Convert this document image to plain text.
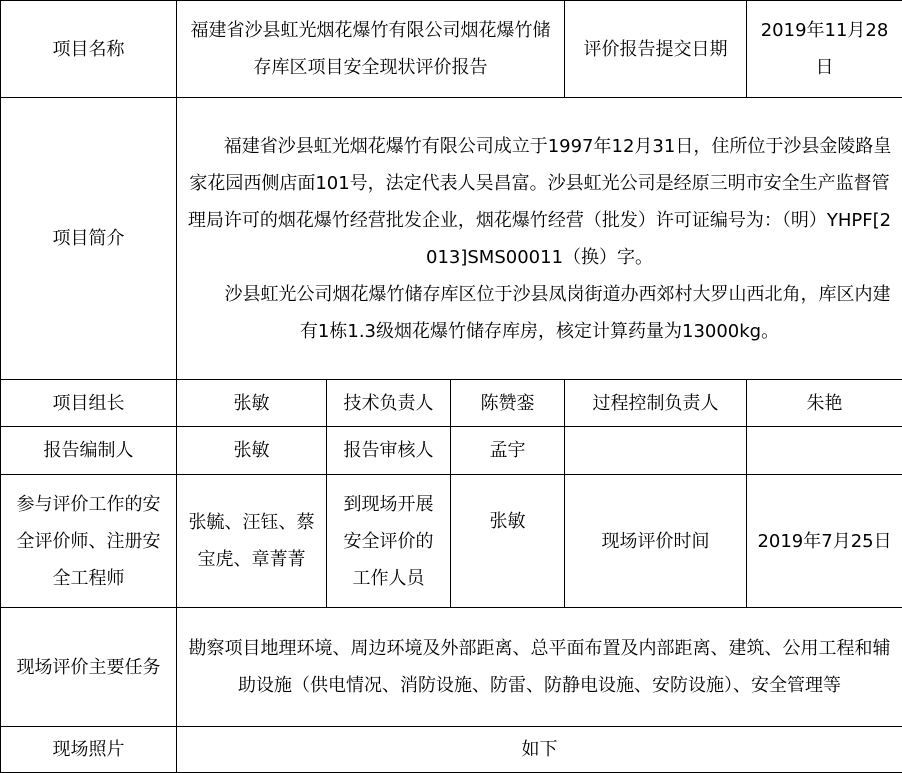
项目名称	福建省沙县虹光烟花爆竹有限公司烟花爆竹储存库区项目安全现状评价报告			评价报告提交日期	2019年11月28日
项目简介	福建省沙县虹光烟花爆竹有限公司成立于1997年12月31日，住所位于沙县金陵路皇家花园西侧店面101号，法定代表人吴昌富。沙县虹光公司是经原三明市安全生产监督管理局许可的烟花爆竹经营批发企业，烟花爆竹经营（批发）许可证编号为：（明）YHPF[2013]SMS00011（换）字。

沙县虹光公司烟花爆竹储存库区位于沙县凤岗街道办西郊村大罗山西北角，库区内建有1栋1.3级烟花爆竹储存库房，核定计算药量为13000kg。				

项目组长	张敏	技术负责人	陈赞銮	过程控制负责人	朱艳
报告编制人	张敏	报告审核人	孟宇		
参与评价工作的安全评价师、注册安全工程师	张毓、汪钰、蔡宝虎、章菁菁	到现场开展安全评价的工作人员	张敏	现场评价时间	2019年7月25日
现场评价主要任务	勘察项目地理环境、周边环境及外部距离、总平面布置及内部距离、建筑、公用工程和辅助设施（供电情况、消防设施、防雷、防静电设施、安防设施）、安全管理等				
现场照片	如下				
